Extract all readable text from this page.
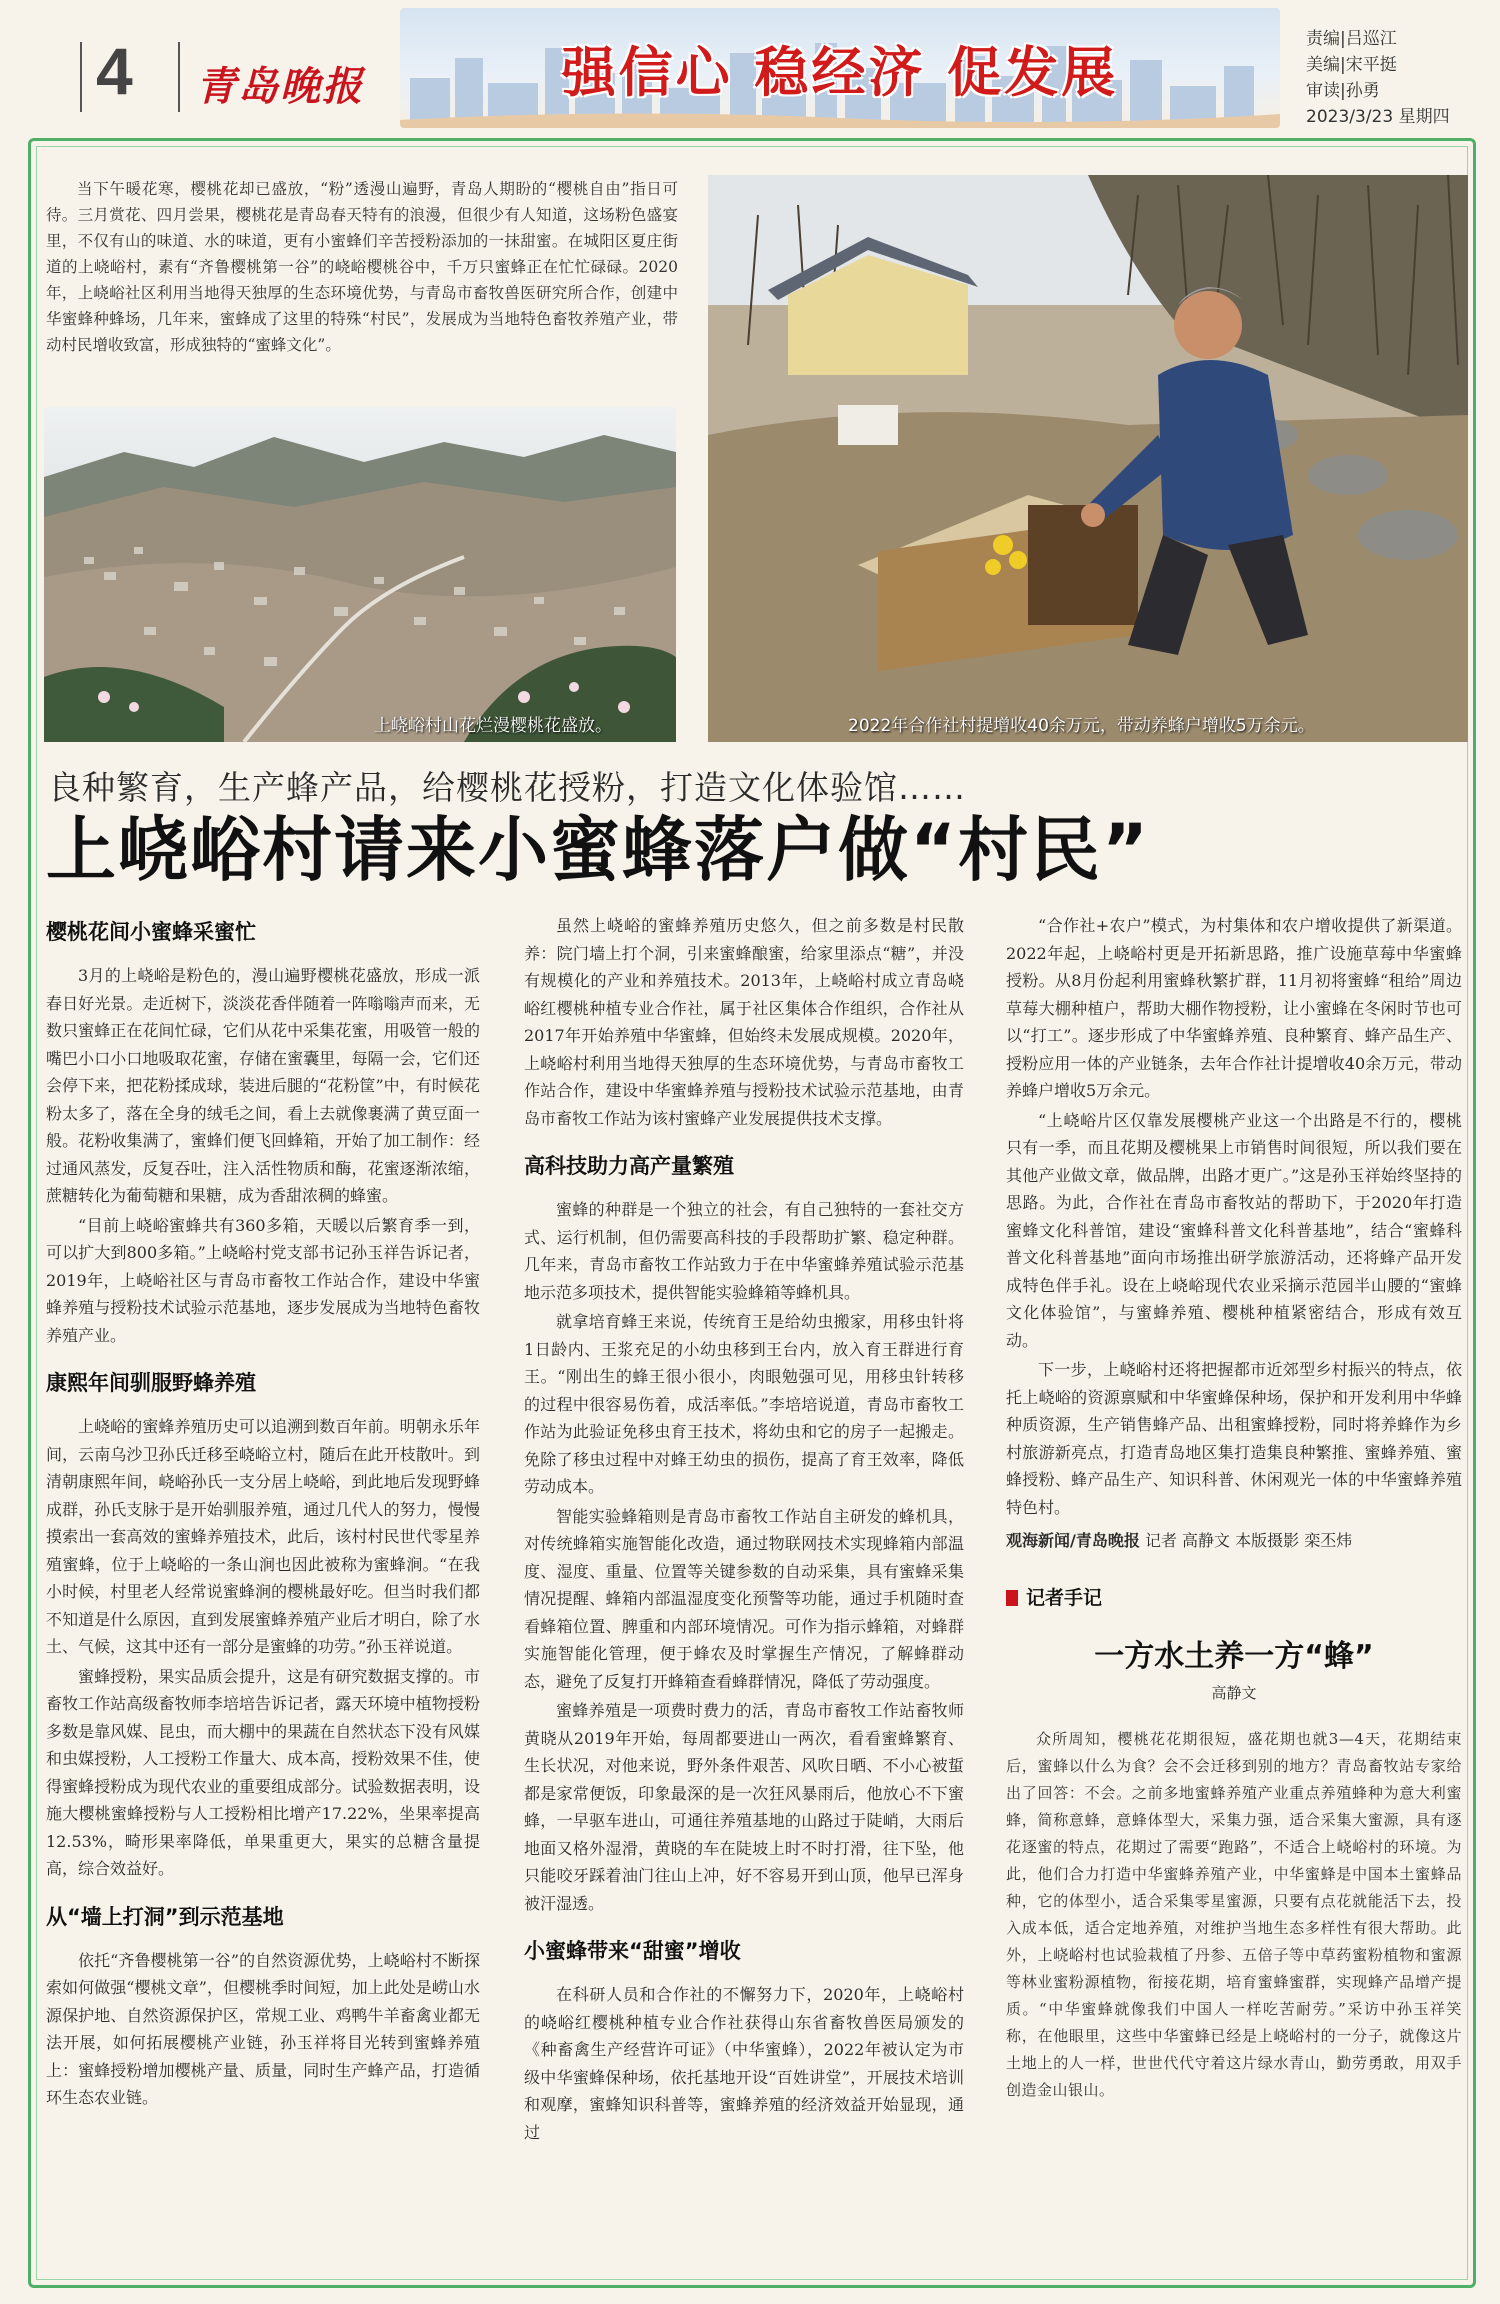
4 青岛晚报	强信心 稳经济 促发展
责编|吕巡江
美编|宋平挺
审读|孙勇
2023/3/23 星期四
当下午暖花寒，樱桃花却已盛放，“粉”透漫山遍野，青岛人期盼的“樱桃自由”指日可待。三月赏花、四月尝果，樱桃花是青岛春天特有的浪漫，但很少有人知道，这场粉色盛宴里，不仅有山的味道、水的味道，更有小蜜蜂们辛苦授粉添加的一抹甜蜜。在城阳区夏庄街道的上峣峪村，素有“齐鲁樱桃第一谷”的峣峪樱桃谷中，千万只蜜蜂正在忙忙碌碌。2020年，上峣峪社区利用当地得天独厚的生态环境优势，与青岛市畜牧兽医研究所合作，创建中华蜜蜂种蜂场，几年来，蜜蜂成了这里的特殊“村民”，发展成为当地特色畜牧养殖产业，带动村民增收致富，形成独特的“蜜蜂文化”。
上峣峪村山花烂漫樱桃花盛放。	2022年合作社村提增收40余万元，带动养蜂户增收5万余元。
良种繁育，生产蜂产品，给樱桃花授粉，打造文化体验馆……
上峣峪村请来小蜜蜂落户做“村民”
樱桃花间小蜜蜂采蜜忙

3月的上峣峪是粉色的，漫山遍野樱桃花盛放，形成一派春日好光景。走近树下，淡淡花香伴随着一阵嗡嗡声而来，无数只蜜蜂正在花间忙碌，它们从花中采集花蜜，用吸管一般的嘴巴小口小口地吸取花蜜，存储在蜜囊里，每隔一会，它们还会停下来，把花粉揉成球，装进后腿的“花粉筐”中，有时候花粉太多了，落在全身的绒毛之间，看上去就像裹满了黄豆面一般。花粉收集满了，蜜蜂们便飞回蜂箱，开始了加工制作：经过通风蒸发，反复吞吐，注入活性物质和酶，花蜜逐渐浓缩，蔗糖转化为葡萄糖和果糖，成为香甜浓稠的蜂蜜。

“目前上峣峪蜜蜂共有360多箱，天暖以后繁育季一到，可以扩大到800多箱。”上峣峪村党支部书记孙玉祥告诉记者，2019年，上峣峪社区与青岛市畜牧工作站合作，建设中华蜜蜂养殖与授粉技术试验示范基地，逐步发展成为当地特色畜牧养殖产业。

康熙年间驯服野蜂养殖

上峣峪的蜜蜂养殖历史可以追溯到数百年前。明朝永乐年间，云南乌沙卫孙氏迁移至峣峪立村，随后在此开枝散叶。到清朝康熙年间，峣峪孙氏一支分居上峣峪，到此地后发现野蜂成群，孙氏支脉于是开始驯服养殖，通过几代人的努力，慢慢摸索出一套高效的蜜蜂养殖技术，此后，该村村民世代零星养殖蜜蜂，位于上峣峪的一条山涧也因此被称为蜜蜂涧。“在我小时候，村里老人经常说蜜蜂涧的樱桃最好吃。但当时我们都不知道是什么原因，直到发展蜜蜂养殖产业后才明白，除了水土、气候，这其中还有一部分是蜜蜂的功劳。”孙玉祥说道。

蜜蜂授粉，果实品质会提升，这是有研究数据支撑的。市畜牧工作站高级畜牧师李培培告诉记者，露天环境中植物授粉多数是靠风媒、昆虫，而大棚中的果蔬在自然状态下没有风媒和虫媒授粉，人工授粉工作量大、成本高，授粉效果不佳，使得蜜蜂授粉成为现代农业的重要组成部分。试验数据表明，设施大樱桃蜜蜂授粉与人工授粉相比增产17.22%，坐果率提高12.53%，畸形果率降低，单果重更大，果实的总糖含量提高，综合效益好。

从“墙上打洞”到示范基地

依托“齐鲁樱桃第一谷”的自然资源优势，上峣峪村不断探索如何做强“樱桃文章”，但樱桃季时间短，加上此处是崂山水源保护地、自然资源保护区，常规工业、鸡鸭牛羊畜禽业都无法开展，如何拓展樱桃产业链，孙玉祥将目光转到蜜蜂养殖上：蜜蜂授粉增加樱桃产量、质量，同时生产蜂产品，打造循环生态农业链。

虽然上峣峪的蜜蜂养殖历史悠久，但之前多数是村民散养：院门墙上打个洞，引来蜜蜂酿蜜，给家里添点“糖”，并没有规模化的产业和养殖技术。2013年，上峣峪村成立青岛峣峪红樱桃种植专业合作社，属于社区集体合作组织，合作社从2017年开始养殖中华蜜蜂，但始终未发展成规模。2020年，上峣峪村利用当地得天独厚的生态环境优势，与青岛市畜牧工作站合作，建设中华蜜蜂养殖与授粉技术试验示范基地，由青岛市畜牧工作站为该村蜜蜂产业发展提供技术支撑。

高科技助力高产量繁殖

蜜蜂的种群是一个独立的社会，有自己独特的一套社交方式、运行机制，但仍需要高科技的手段帮助扩繁、稳定种群。几年来，青岛市畜牧工作站致力于在中华蜜蜂养殖试验示范基地示范多项技术，提供智能实验蜂箱等蜂机具。

就拿培育蜂王来说，传统育王是给幼虫搬家，用移虫针将1日龄内、王浆充足的小幼虫移到王台内，放入育王群进行育王。“刚出生的蜂王很小很小，肉眼勉强可见，用移虫针转移的过程中很容易伤着，成活率低。”李培培说道，青岛市畜牧工作站为此验证免移虫育王技术，将幼虫和它的房子一起搬走。免除了移虫过程中对蜂王幼虫的损伤，提高了育王效率，降低劳动成本。

智能实验蜂箱则是青岛市畜牧工作站自主研发的蜂机具，对传统蜂箱实施智能化改造，通过物联网技术实现蜂箱内部温度、湿度、重量、位置等关键参数的自动采集，具有蜜蜂采集情况提醒、蜂箱内部温湿度变化预警等功能，通过手机随时查看蜂箱位置、脾重和内部环境情况。可作为指示蜂箱，对蜂群实施智能化管理，便于蜂农及时掌握生产情况，了解蜂群动态，避免了反复打开蜂箱查看蜂群情况，降低了劳动强度。

蜜蜂养殖是一项费时费力的活，青岛市畜牧工作站畜牧师黄晓从2019年开始，每周都要进山一两次，看看蜜蜂繁育、生长状况，对他来说，野外条件艰苦、风吹日晒、不小心被蜇都是家常便饭，印象最深的是一次狂风暴雨后，他放心不下蜜蜂，一早驱车进山，可通往养殖基地的山路过于陡峭，大雨后地面又格外湿滑，黄晓的车在陡坡上时不时打滑，往下坠，他只能咬牙踩着油门往山上冲，好不容易开到山顶，他早已浑身被汗湿透。

小蜜蜂带来“甜蜜”增收

在科研人员和合作社的不懈努力下，2020年，上峣峪村的峣峪红樱桃种植专业合作社获得山东省畜牧兽医局颁发的《种畜禽生产经营许可证》（中华蜜蜂），2022年被认定为市级中华蜜蜂保种场，依托基地开设“百姓讲堂”，开展技术培训和观摩，蜜蜂知识科普等，蜜蜂养殖的经济效益开始显现，通过

“合作社+农户”模式，为村集体和农户增收提供了新渠道。2022年起，上峣峪村更是开拓新思路，推广设施草莓中华蜜蜂授粉。从8月份起利用蜜蜂秋繁扩群，11月初将蜜蜂“租给”周边草莓大棚种植户，帮助大棚作物授粉，让小蜜蜂在冬闲时节也可以“打工”。逐步形成了中华蜜蜂养殖、良种繁育、蜂产品生产、授粉应用一体的产业链条，去年合作社计提增收40余万元，带动养蜂户增收5万余元。

“上峣峪片区仅靠发展樱桃产业这一个出路是不行的，樱桃只有一季，而且花期及樱桃果上市销售时间很短，所以我们要在其他产业做文章，做品牌，出路才更广。”这是孙玉祥始终坚持的思路。为此，合作社在青岛市畜牧站的帮助下，于2020年打造蜜蜂文化科普馆，建设“蜜蜂科普文化科普基地”，结合“蜜蜂科普文化科普基地”面向市场推出研学旅游活动，还将蜂产品开发成特色伴手礼。设在上峣峪现代农业采摘示范园半山腰的“蜜蜂文化体验馆”，与蜜蜂养殖、樱桃种植紧密结合，形成有效互动。

下一步，上峣峪村还将把握都市近郊型乡村振兴的特点，依托上峣峪的资源禀赋和中华蜜蜂保种场，保护和开发利用中华蜂种质资源，生产销售蜂产品、出租蜜蜂授粉，同时将养蜂作为乡村旅游新亮点，打造青岛地区集打造集良种繁推、蜜蜂养殖、蜜蜂授粉、蜂产品生产、知识科普、休闲观光一体的中华蜜蜂养殖特色村。

观海新闻/青岛晚报 记者 高静文 本版摄影 栾丕炜

记者手记
一方水土养一方“蜂”
高静文

众所周知，樱桃花花期很短，盛花期也就3—4天，花期结束后，蜜蜂以什么为食？会不会迁移到别的地方？青岛畜牧站专家给出了回答：不会。之前多地蜜蜂养殖产业重点养殖蜂种为意大利蜜蜂，简称意蜂，意蜂体型大，采集力强，适合采集大蜜源，具有逐花逐蜜的特点，花期过了需要“跑路”，不适合上峣峪村的环境。为此，他们合力打造中华蜜蜂养殖产业，中华蜜蜂是中国本土蜜蜂品种，它的体型小，适合采集零星蜜源，只要有点花就能活下去，投入成本低，适合定地养殖，对维护当地生态多样性有很大帮助。此外，上峣峪村也试验栽植了丹参、五倍子等中草药蜜粉植物和蜜源等林业蜜粉源植物，衔接花期，培育蜜蜂蜜群，实现蜂产品增产提质。“中华蜜蜂就像我们中国人一样吃苦耐劳。”采访中孙玉祥笑称，在他眼里，这些中华蜜蜂已经是上峣峪村的一分子，就像这片土地上的人一样，世世代代守着这片绿水青山，勤劳勇敢，用双手创造金山银山。
